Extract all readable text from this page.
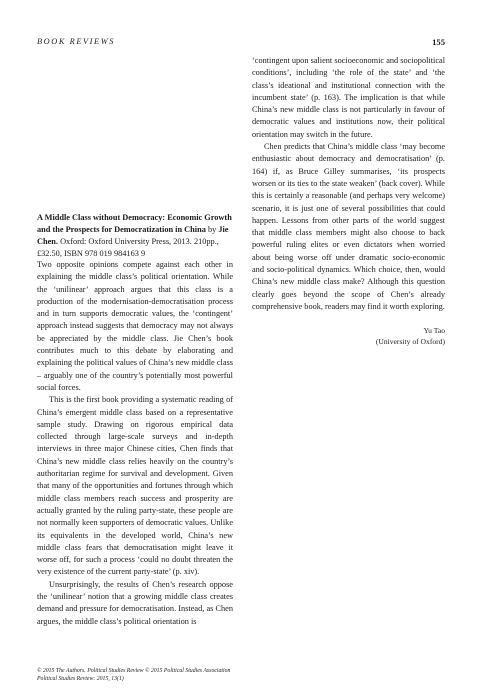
BOOK REVIEWS	155
A Middle Class without Democracy: Economic Growth and the Prospects for Democratization in China by Jie Chen. Oxford: Oxford University Press, 2013. 210pp., £32.50, ISBN 978 019 984163 9

Two opposite opinions compete against each other in explaining the middle class’s political orientation. While the ‘unilinear’ approach argues that this class is a production of the modernisation-democratisation process and in turn supports democratic values, the ‘contingent’ approach instead suggests that democracy may not always be appreciated by the middle class. Jie Chen’s book contributes much to this debate by elaborating and explaining the political values of China’s new middle class – arguably one of the country’s potentially most powerful social forces.

This is the first book providing a systematic reading of China’s emergent middle class based on a representative sample study. Drawing on rigorous empirical data collected through large-scale surveys and in-depth interviews in three major Chinese cities, Chen finds that China’s new middle class relies heavily on the country’s authoritarian regime for survival and development. Given that many of the opportunities and fortunes through which middle class members reach success and prosperity are actually granted by the ruling party-state, these people are not normally keen supporters of democratic values. Unlike its equivalents in the developed world, China’s new middle class fears that democratisation might leave it worse off, for such a process ‘could no doubt threaten the very existence of the current party-state’ (p. xiv).

Unsurprisingly, the results of Chen’s research oppose the ‘unilinear’ notion that a growing middle class creates demand and pressure for democratisation. Instead, as Chen argues, the middle class’s political orientation is

‘contingent upon salient socioeconomic and sociopolitical conditions’, including ‘the role of the state’ and ‘the class’s ideational and institutional connection with the incumbent state’ (p. 163). The implication is that while China’s new middle class is not particularly in favour of democratic values and institutions now, their political orientation may switch in the future.

Chen predicts that China’s middle class ‘may become enthusiastic about democracy and democratisation’ (p. 164) if, as Bruce Gilley summarises, ‘its prospects worsen or its ties to the state weaken’ (back cover). While this is certainly a reasonable (and perhaps very welcome) scenario, it is just one of several possibilities that could happen. Lessons from other parts of the world suggest that middle class members might also choose to back powerful ruling elites or even dictators when worried about being worse off under dramatic socio-economic and socio-political dynamics. Which choice, then, would China’s new middle class make? Although this question clearly goes beyond the scope of Chen’s already comprehensive book, readers may find it worth exploring.

Yu Tao
(University of Oxford)
© 2015 The Authors. Political Studies Review © 2015 Political Studies Association
Political Studies Review: 2015, 13(1)
